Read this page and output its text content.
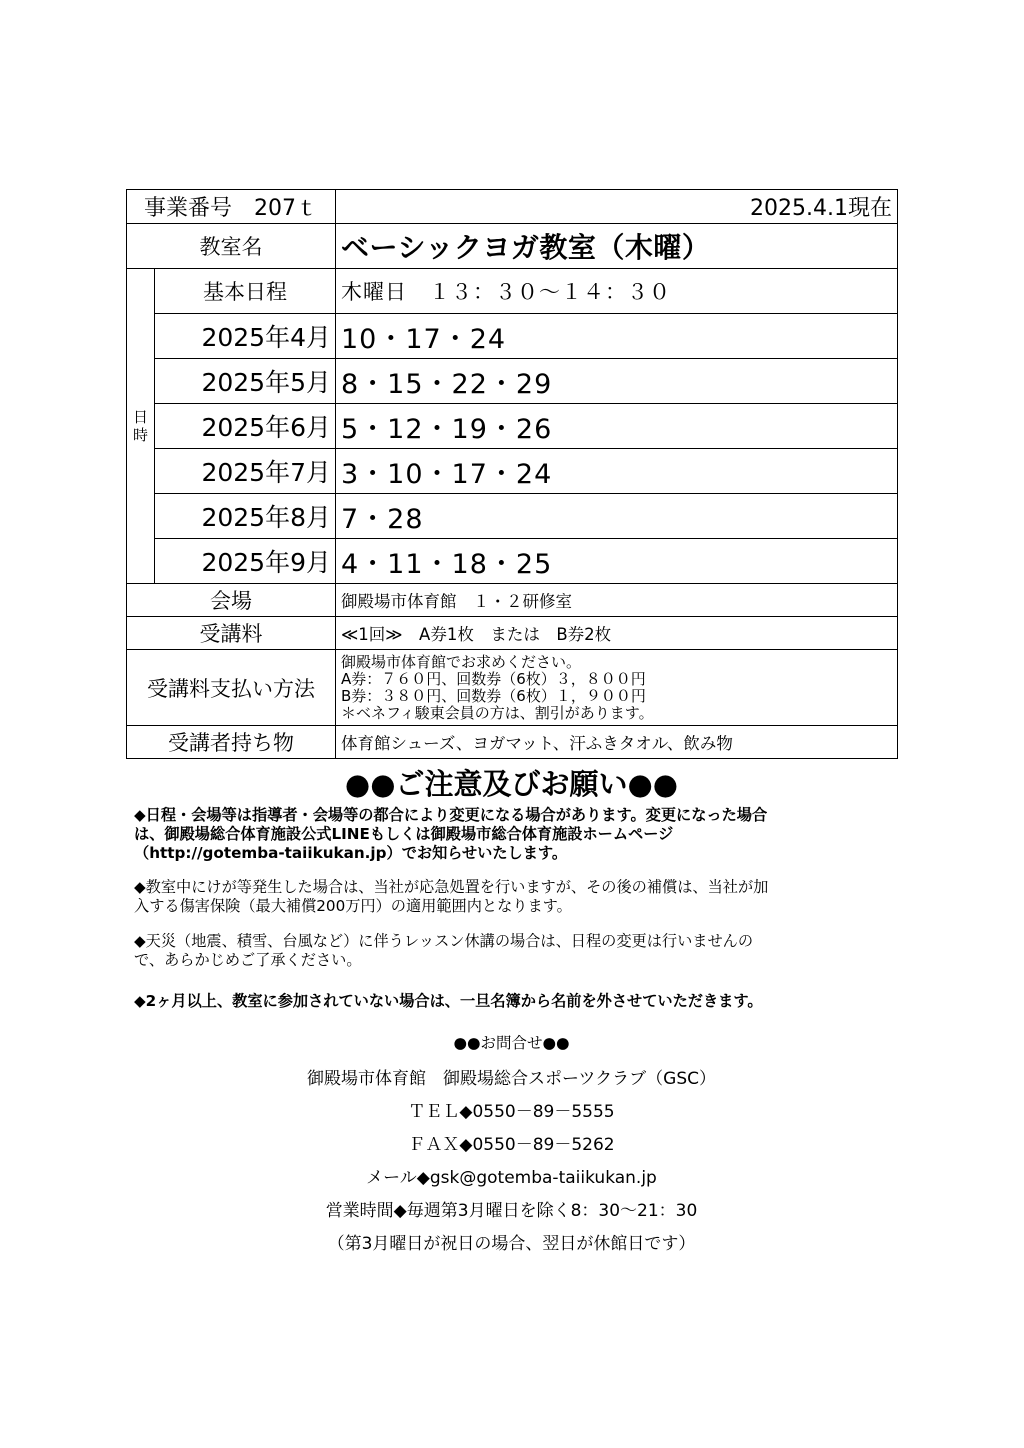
事業番号　207ｔ		2025.4.1現在
教室名		ベーシックヨガ教室（木曜）

日
時	基本日程	木曜日　１３：３０～１４：３０
	2025年4月	10・17・24
	2025年5月	8・15・22・29
	2025年6月	5・12・19・26
	2025年7月	3・10・17・24
	2025年8月	7・28
	2025年9月	4・11・18・25
会場		御殿場市体育館　１・２研修室
受講料		≪1回≫　A券1枚　または　B券2枚
受講料支払い方法		御殿場市体育館でお求めください。
A券：７６０円、回数券（6枚）３，８００円
B券：３８０円、回数券（6枚）１，９００円
＊ベネフィ駿東会員の方は、割引があります。

受講者持ち物		体育館シューズ、ヨガマット、汗ふきタオル、飲み物
●●ご注意及びお願い●●
◆日程・会場等は指導者・会場等の都合により変更になる場合があります。変更になった場合
は、御殿場総合体育施設公式LINEもしくは御殿場市総合体育施設ホームページ
（http://gotemba-taiikukan.jp）でお知らせいたします。
◆教室中にけが等発生した場合は、当社が応急処置を行いますが、その後の補償は、当社が加
入する傷害保険（最大補償200万円）の適用範囲内となります。
◆天災（地震、積雪、台風など）に伴うレッスン休講の場合は、日程の変更は行いませんの
で、あらかじめご了承ください。
◆2ヶ月以上、教室に参加されていない場合は、一旦名簿から名前を外させていただきます。
●●お問合せ●●
御殿場市体育館　御殿場総合スポーツクラブ（GSC）
ＴＥＬ◆0550－89－5555
ＦＡＸ◆0550－89－5262
メール◆gsk@gotemba-taiikukan.jp
営業時間◆毎週第3月曜日を除く8：30～21：30
（第3月曜日が祝日の場合、翌日が休館日です）
